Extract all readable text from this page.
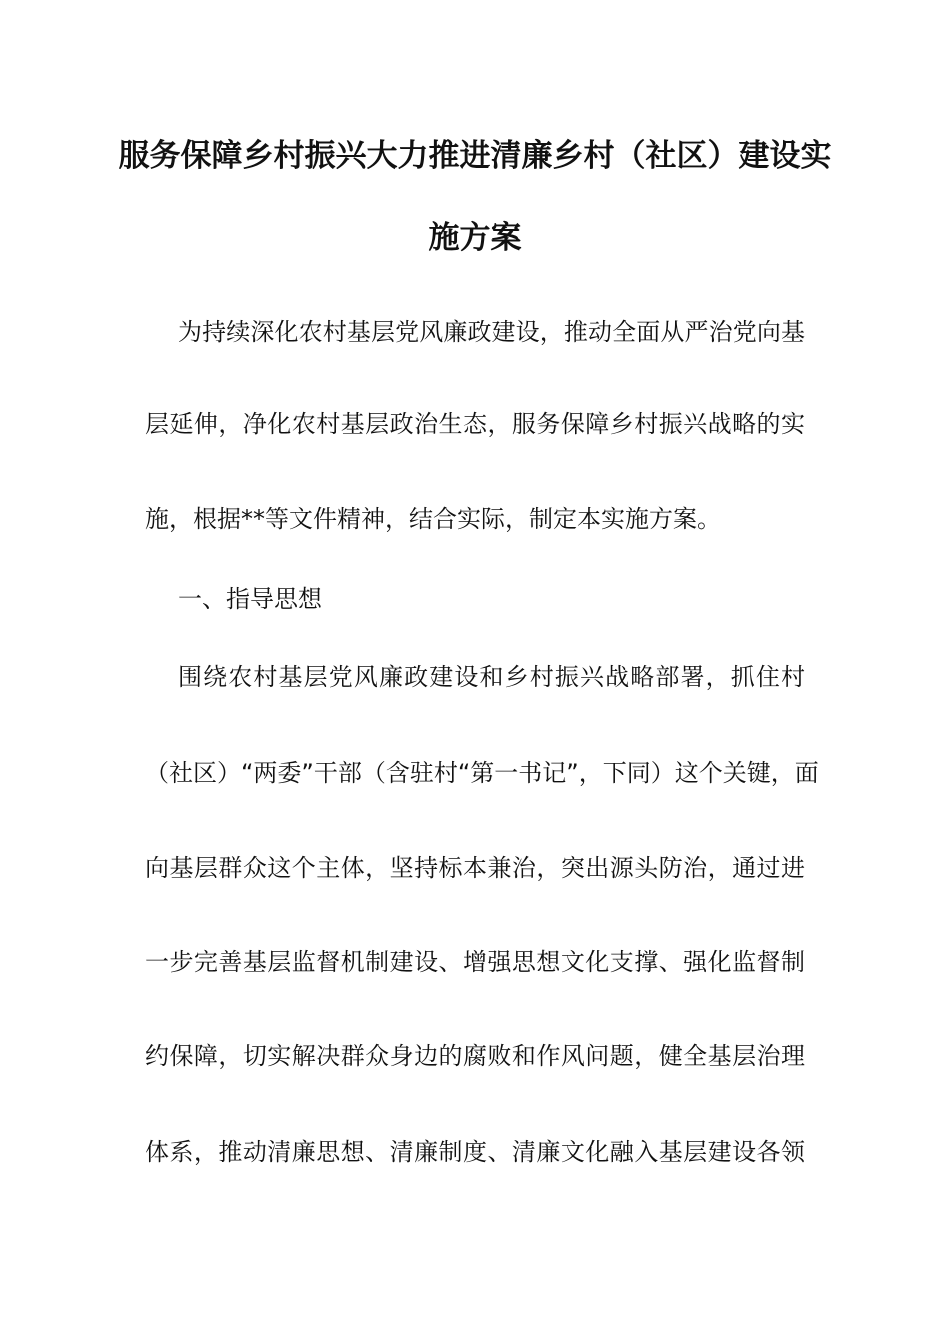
服务保障乡村振兴大力推进清廉乡村（社区）建设实
施方案
为持续深化农村基层党风廉政建设，推动全面从严治党向基
层延伸，净化农村基层政治生态，服务保障乡村振兴战略的实
施，根据**等文件精神，结合实际，制定本实施方案。
一、指导思想
围绕农村基层党风廉政建设和乡村振兴战略部署，抓住村
（社区）“两委”干部（含驻村“第一书记”，下同）这个关键，面
向基层群众这个主体，坚持标本兼治，突出源头防治，通过进
一步完善基层监督机制建设、增强思想文化支撑、强化监督制
约保障，切实解决群众身边的腐败和作风问题，健全基层治理
体系，推动清廉思想、清廉制度、清廉文化融入基层建设各领
